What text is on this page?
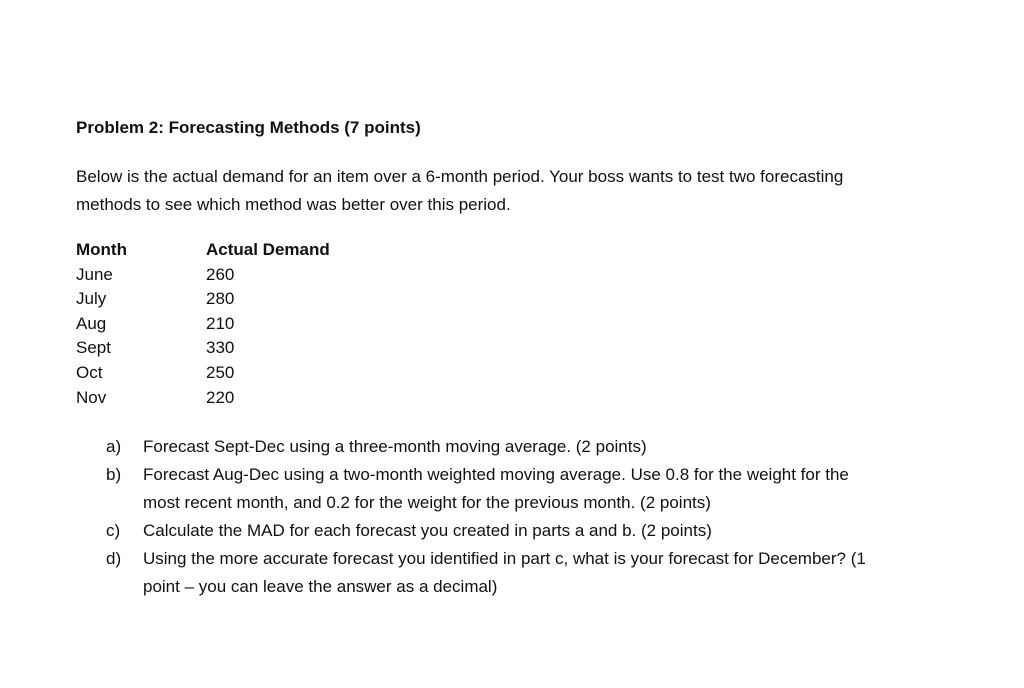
Problem 2: Forecasting Methods (7 points)
Below is the actual demand for an item over a 6-month period. Your boss wants to test two forecasting
methods to see which method was better over this period.
Month	Actual Demand
June	260
July	280
Aug	210
Sept	330
Oct	250
Nov	220
a)	Forecast Sept-Dec using a three-month moving average. (2 points)
b)	Forecast Aug-Dec using a two-month weighted moving average. Use 0.8 for the weight for the
most recent month, and 0.2 for the weight for the previous month. (2 points)
c)	Calculate the MAD for each forecast you created in parts a and b. (2 points)
d)	Using the more accurate forecast you identified in part c, what is your forecast for December? (1
point – you can leave the answer as a decimal)
